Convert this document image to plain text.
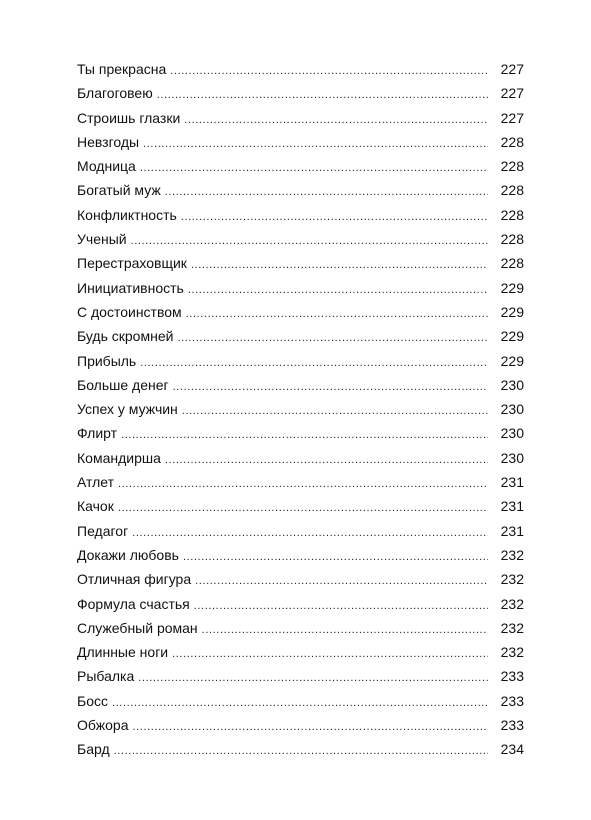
Ты прекрасна .....	227
Благоговею .....	227
Строишь глазки .....	227
Невзгоды .....	228
Модница .....	228
Богатый муж .....	228
Конфликтность .....	228
Ученый .....	228
Перестраховщик .....	228
Инициативность .....	229
С достоинством .....	229
Будь скромней .....	229
Прибыль .....	229
Больше денег .....	230
Успех у мужчин .....	230
Флирт .....	230
Командирша .....	230
Атлет .....	231
Качок .....	231
Педагог .....	231
Докажи любовь .....	232
Отличная фигура .....	232
Формула счастья .....	232
Служебный роман .....	232
Длинные ноги .....	232
Рыбалка .....	233
Босс .....	233
Обжора .....	233
Бард .....	234
